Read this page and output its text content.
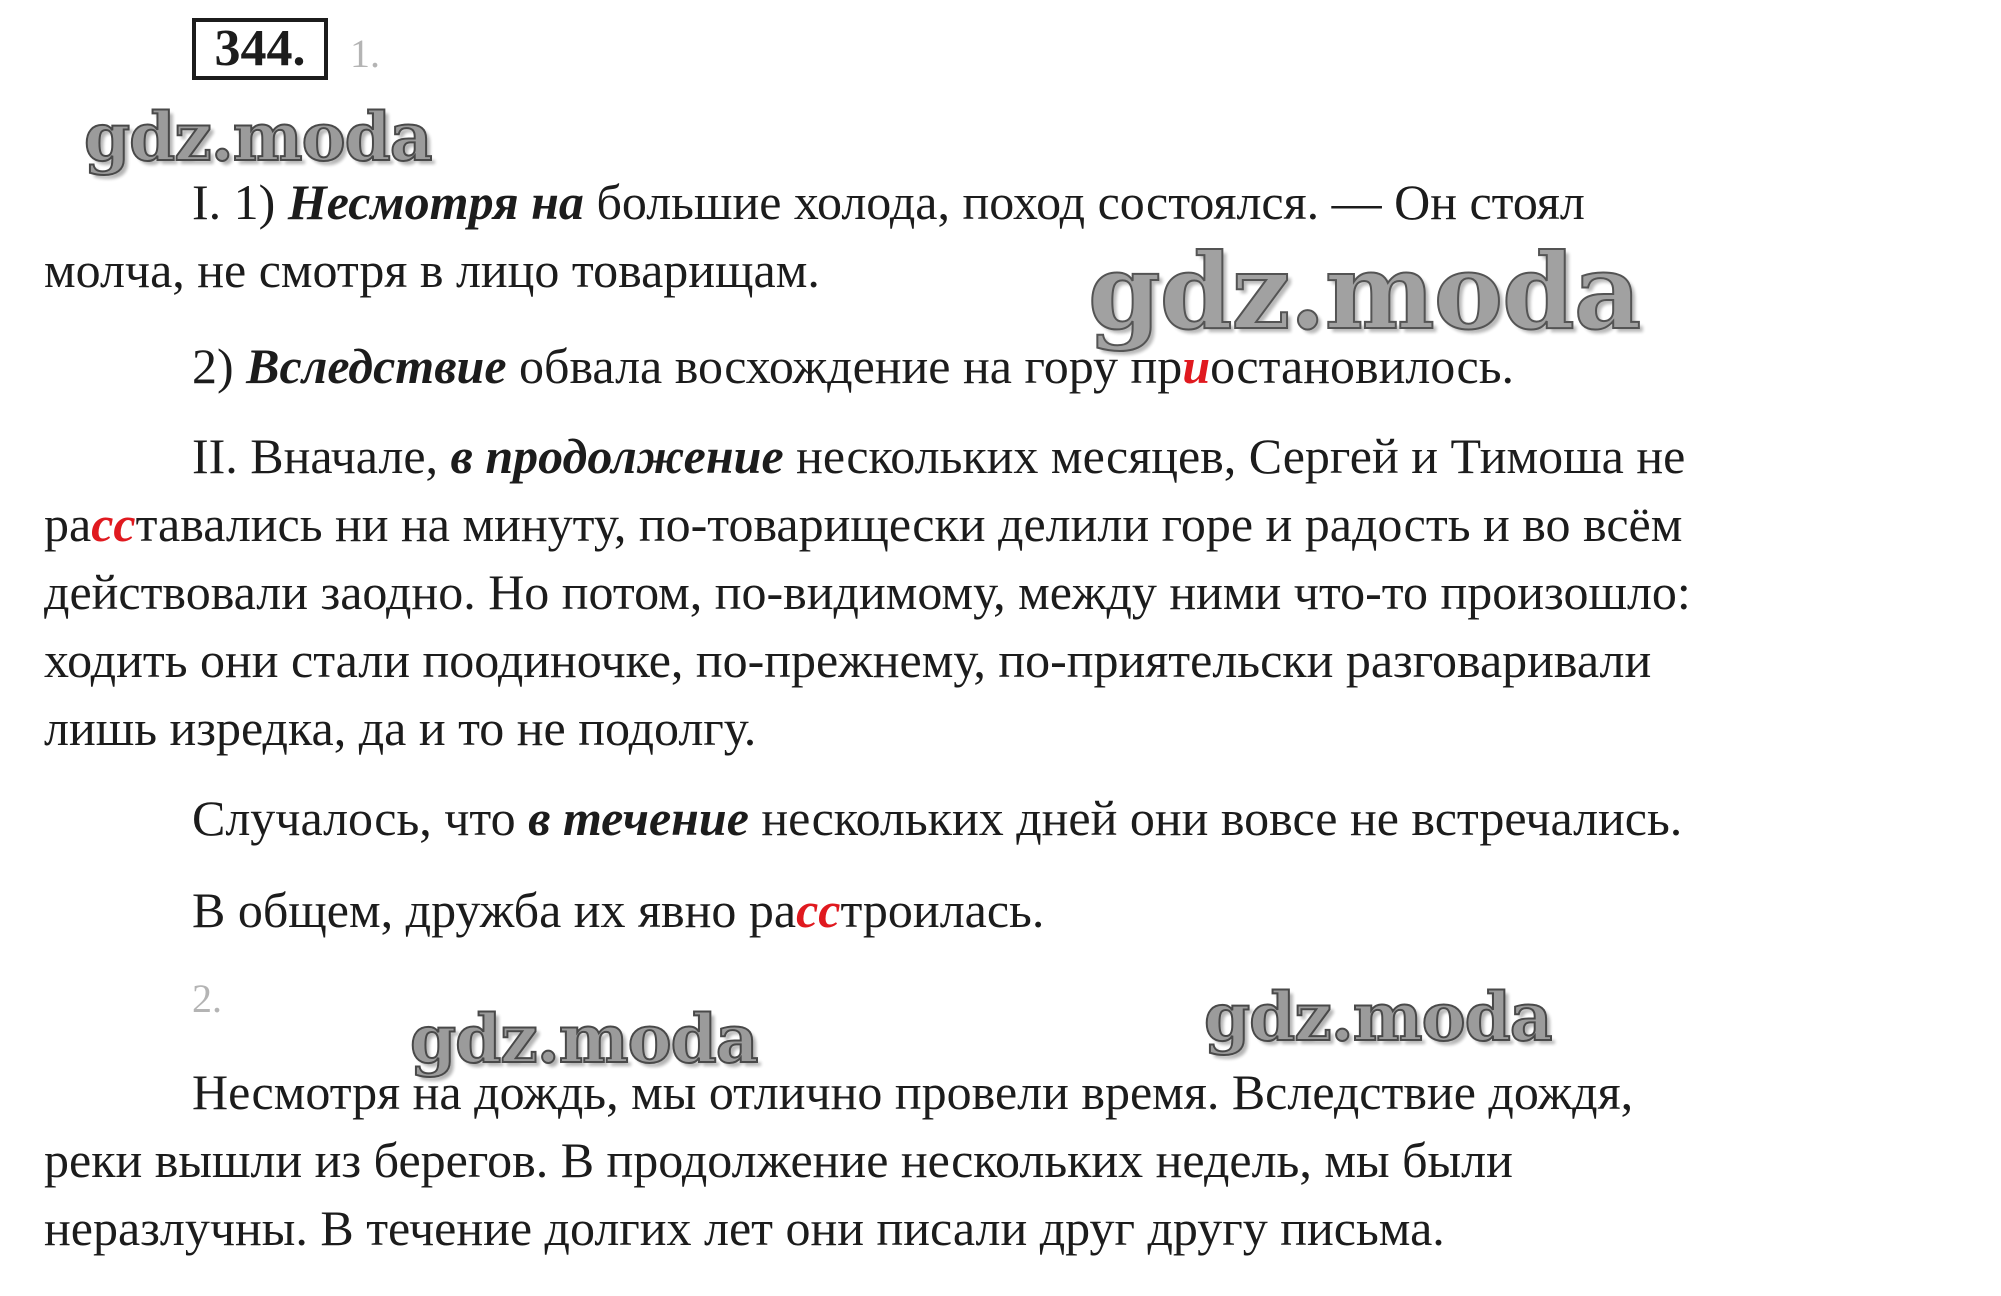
344.	1.
I. 1) Несмотря на большие холода, поход состоялся. — Он стоял
молча, не смотря в лицо товарищам.
2) Вследствие обвала восхождение на гору приостановилось.
II. Вначале, в продолжение нескольких месяцев, Сергей и Тимоша не
расставались ни на минуту, по-товарищески делили горе и радость и во всём
действовали заодно. Но потом, по-видимому, между ними что-то произошло:
ходить они стали поодиночке, по-прежнему, по-приятельски разговаривали
лишь изредка, да и то не подолгу.
Случалось, что в течение нескольких дней они вовсе не встречались.
В общем, дружба их явно расстроилась.
2.
Несмотря на дождь, мы отлично провели время. Вследствие дождя,
реки вышли из берегов. В продолжение нескольких недель, мы были
неразлучны. В течение долгих лет они писали друг другу письма.
gdz.moda
gdz.moda
gdz.moda	gdz.moda
